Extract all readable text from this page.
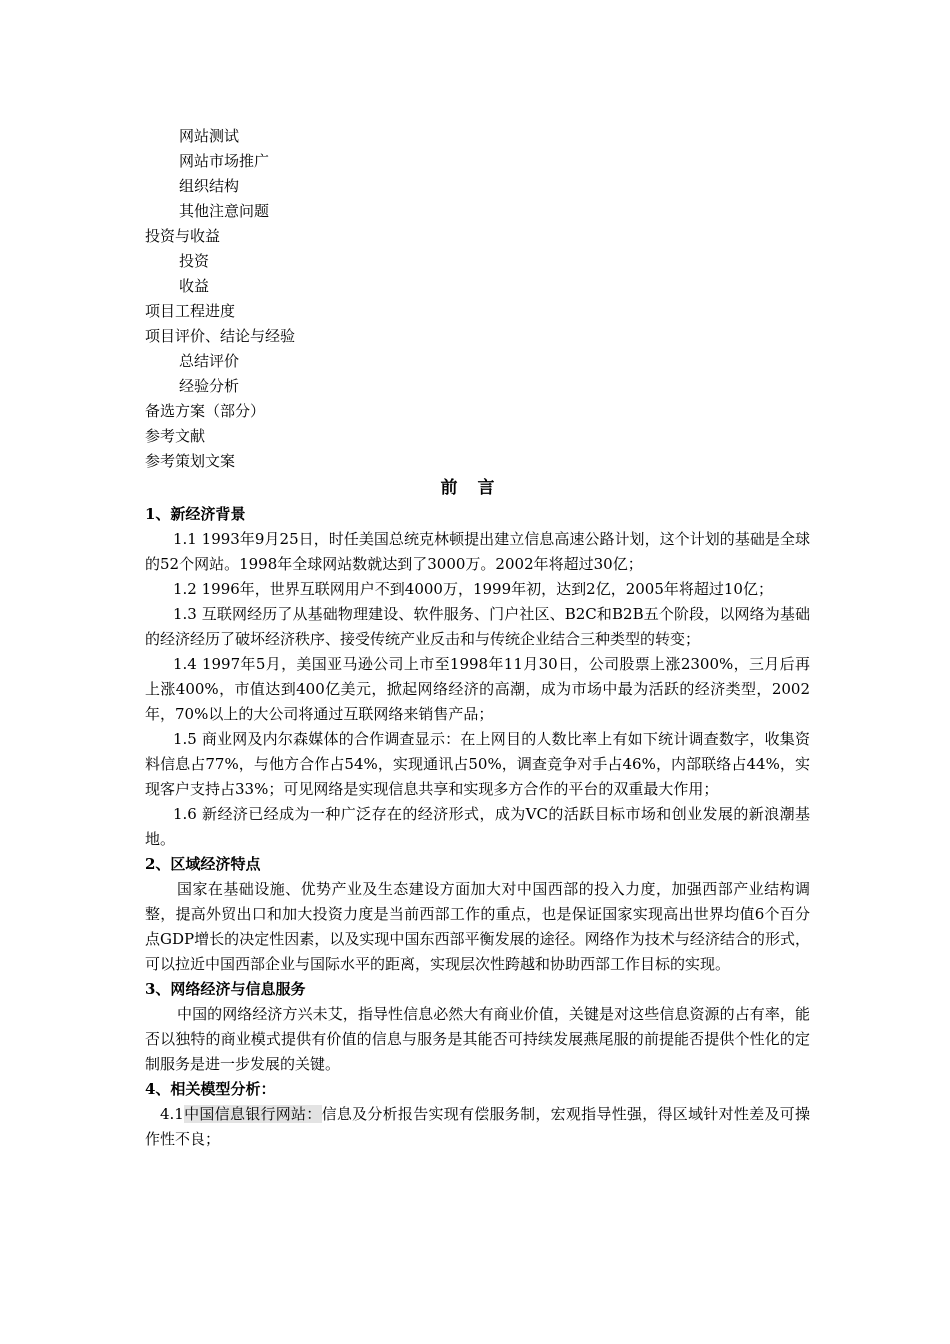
网站测试
网站市场推广
组织结构
其他注意问题
投资与收益
投资
收益
项目工程进度
项目评价、结论与经验
总结评价
经验分析
备选方案（部分）
参考文献
参考策划文案
前言
1、新经济背景

1.1 1993年9月25日，时任美国总统克林顿提出建立信息高速公路计划，这个计划的基础是全球的52个网站。1998年全球网站数就达到了3000万。2002年将超过30亿；

1.2 1996年，世界互联网用户不到4000万，1999年初，达到2亿，2005年将超过10亿；

1.3 互联网经历了从基础物理建设、软件服务、门户社区、B2C和B2B五个阶段，以网络为基础的经济经历了破坏经济秩序、接受传统产业反击和与传统企业结合三种类型的转变；

1.4 1997年5月，美国亚马逊公司上市至1998年11月30日，公司股票上涨2300%，三月后再上涨400%，市值达到400亿美元，掀起网络经济的高潮，成为市场中最为活跃的经济类型，2002年，70%以上的大公司将通过互联网络来销售产品；

1.5 商业网及内尔森媒体的合作调查显示：在上网目的人数比率上有如下统计调查数字，收集资料信息占77%，与他方合作占54%，实现通讯占50%，调查竞争对手占46%，内部联络占44%，实现客户支持占33%；可见网络是实现信息共享和实现多方合作的平台的双重最大作用；

1.6 新经济已经成为一种广泛存在的经济形式，成为VC的活跃目标市场和创业发展的新浪潮基地。

2、区域经济特点

国家在基础设施、优势产业及生态建设方面加大对中国西部的投入力度，加强西部产业结构调整，提高外贸出口和加大投资力度是当前西部工作的重点，也是保证国家实现高出世界均值6个百分点GDP增长的决定性因素，以及实现中国东西部平衡发展的途径。网络作为技术与经济结合的形式，可以拉近中国西部企业与国际水平的距离，实现层次性跨越和协助西部工作目标的实现。

3、网络经济与信息服务

中国的网络经济方兴未艾，指导性信息必然大有商业价值，关键是对这些信息资源的占有率，能否以独特的商业模式提供有价值的信息与服务是其能否可持续发展燕尾服的前提能否提供个性化的定制服务是进一步发展的关键。

4、相关模型分析：

4.1中国信息银行网站：信息及分析报告实现有偿服务制，宏观指导性强，得区域针对性差及可操作性不良；
